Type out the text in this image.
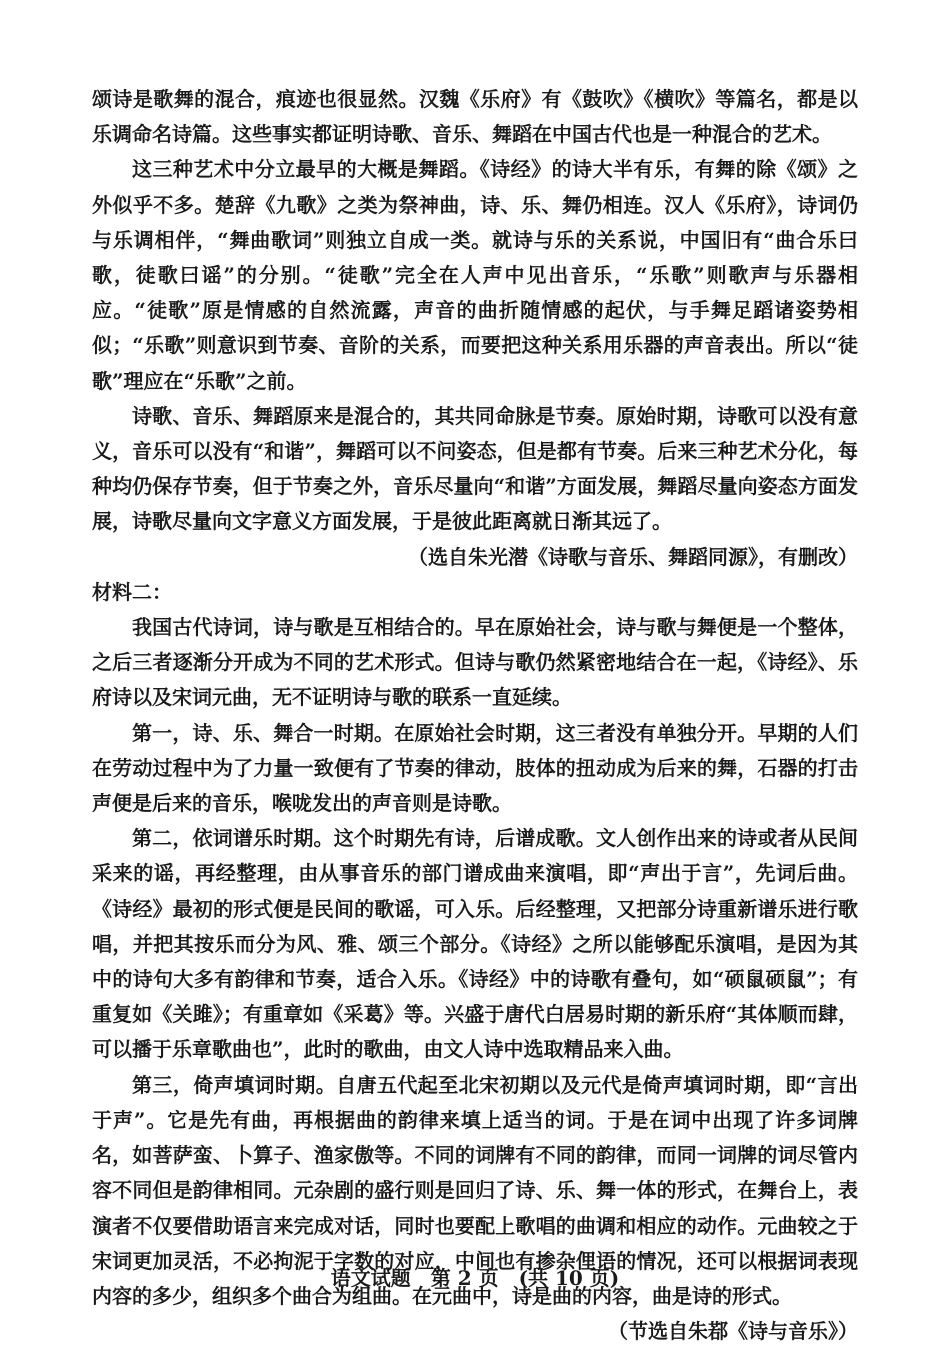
颂诗是歌舞的混合，痕迹也很显然。汉魏《乐府》有《鼓吹》《横吹》等篇名，都是以乐调命名诗篇。这些事实都证明诗歌、音乐、舞蹈在中国古代也是一种混合的艺术。

这三种艺术中分立最早的大概是舞蹈。《诗经》的诗大半有乐，有舞的除《颂》之外似乎不多。楚辞《九歌》之类为祭神曲，诗、乐、舞仍相连。汉人《乐府》，诗词仍与乐调相伴，“舞曲歌词”则独立自成一类。就诗与乐的关系说，中国旧有“曲合乐曰歌，徒歌曰谣”的分别。“徒歌”完全在人声中见出音乐，“乐歌”则歌声与乐器相应。“徒歌”原是情感的自然流露，声音的曲折随情感的起伏，与手舞足蹈诸姿势相似；“乐歌”则意识到节奏、音阶的关系，而要把这种关系用乐器的声音表出。所以“徒歌”理应在“乐歌”之前。

诗歌、音乐、舞蹈原来是混合的，其共同命脉是节奏。原始时期，诗歌可以没有意义，音乐可以没有“和谐”，舞蹈可以不问姿态，但是都有节奏。后来三种艺术分化，每种均仍保存节奏，但于节奏之外，音乐尽量向“和谐”方面发展，舞蹈尽量向姿态方面发展，诗歌尽量向文字意义方面发展，于是彼此距离就日渐其远了。

（选自朱光潜《诗歌与音乐、舞蹈同源》，有删改）

材料二：

我国古代诗词，诗与歌是互相结合的。早在原始社会，诗与歌与舞便是一个整体，之后三者逐渐分开成为不同的艺术形式。但诗与歌仍然紧密地结合在一起，《诗经》、乐府诗以及宋词元曲，无不证明诗与歌的联系一直延续。

第一，诗、乐、舞合一时期。在原始社会时期，这三者没有单独分开。早期的人们在劳动过程中为了力量一致便有了节奏的律动，肢体的扭动成为后来的舞，石器的打击声便是后来的音乐，喉咙发出的声音则是诗歌。

第二，依词谱乐时期。这个时期先有诗，后谱成歌。文人创作出来的诗或者从民间采来的谣，再经整理，由从事音乐的部门谱成曲来演唱，即“声出于言”，先词后曲。《诗经》最初的形式便是民间的歌谣，可入乐。后经整理，又把部分诗重新谱乐进行歌唱，并把其按乐而分为风、雅、颂三个部分。《诗经》之所以能够配乐演唱，是因为其中的诗句大多有韵律和节奏，适合入乐。《诗经》中的诗歌有叠句，如“硕鼠硕鼠”；有重复如《关雎》；有重章如《采葛》等。兴盛于唐代白居易时期的新乐府“其体顺而肆，可以播于乐章歌曲也”，此时的歌曲，由文人诗中选取精品来入曲。

第三，倚声填词时期。自唐五代起至北宋初期以及元代是倚声填词时期，即“言出于声”。它是先有曲，再根据曲的韵律来填上适当的词。于是在词中出现了许多词牌名，如菩萨蛮、卜算子、渔家傲等。不同的词牌有不同的韵律，而同一词牌的词尽管内容不同但是韵律相同。元杂剧的盛行则是回归了诗、乐、舞一体的形式，在舞台上，表演者不仅要借助语言来完成对话，同时也要配上歌唱的曲调和相应的动作。元曲较之于宋词更加灵活，不必拘泥于字数的对应，中间也有掺杂俚语的情况，还可以根据词表现内容的多少，组织多个曲合为组曲。在元曲中，诗是曲的内容，曲是诗的形式。

（节选自朱鄀《诗与音乐》）

语文试题　第 2 页　(共 10 页)
